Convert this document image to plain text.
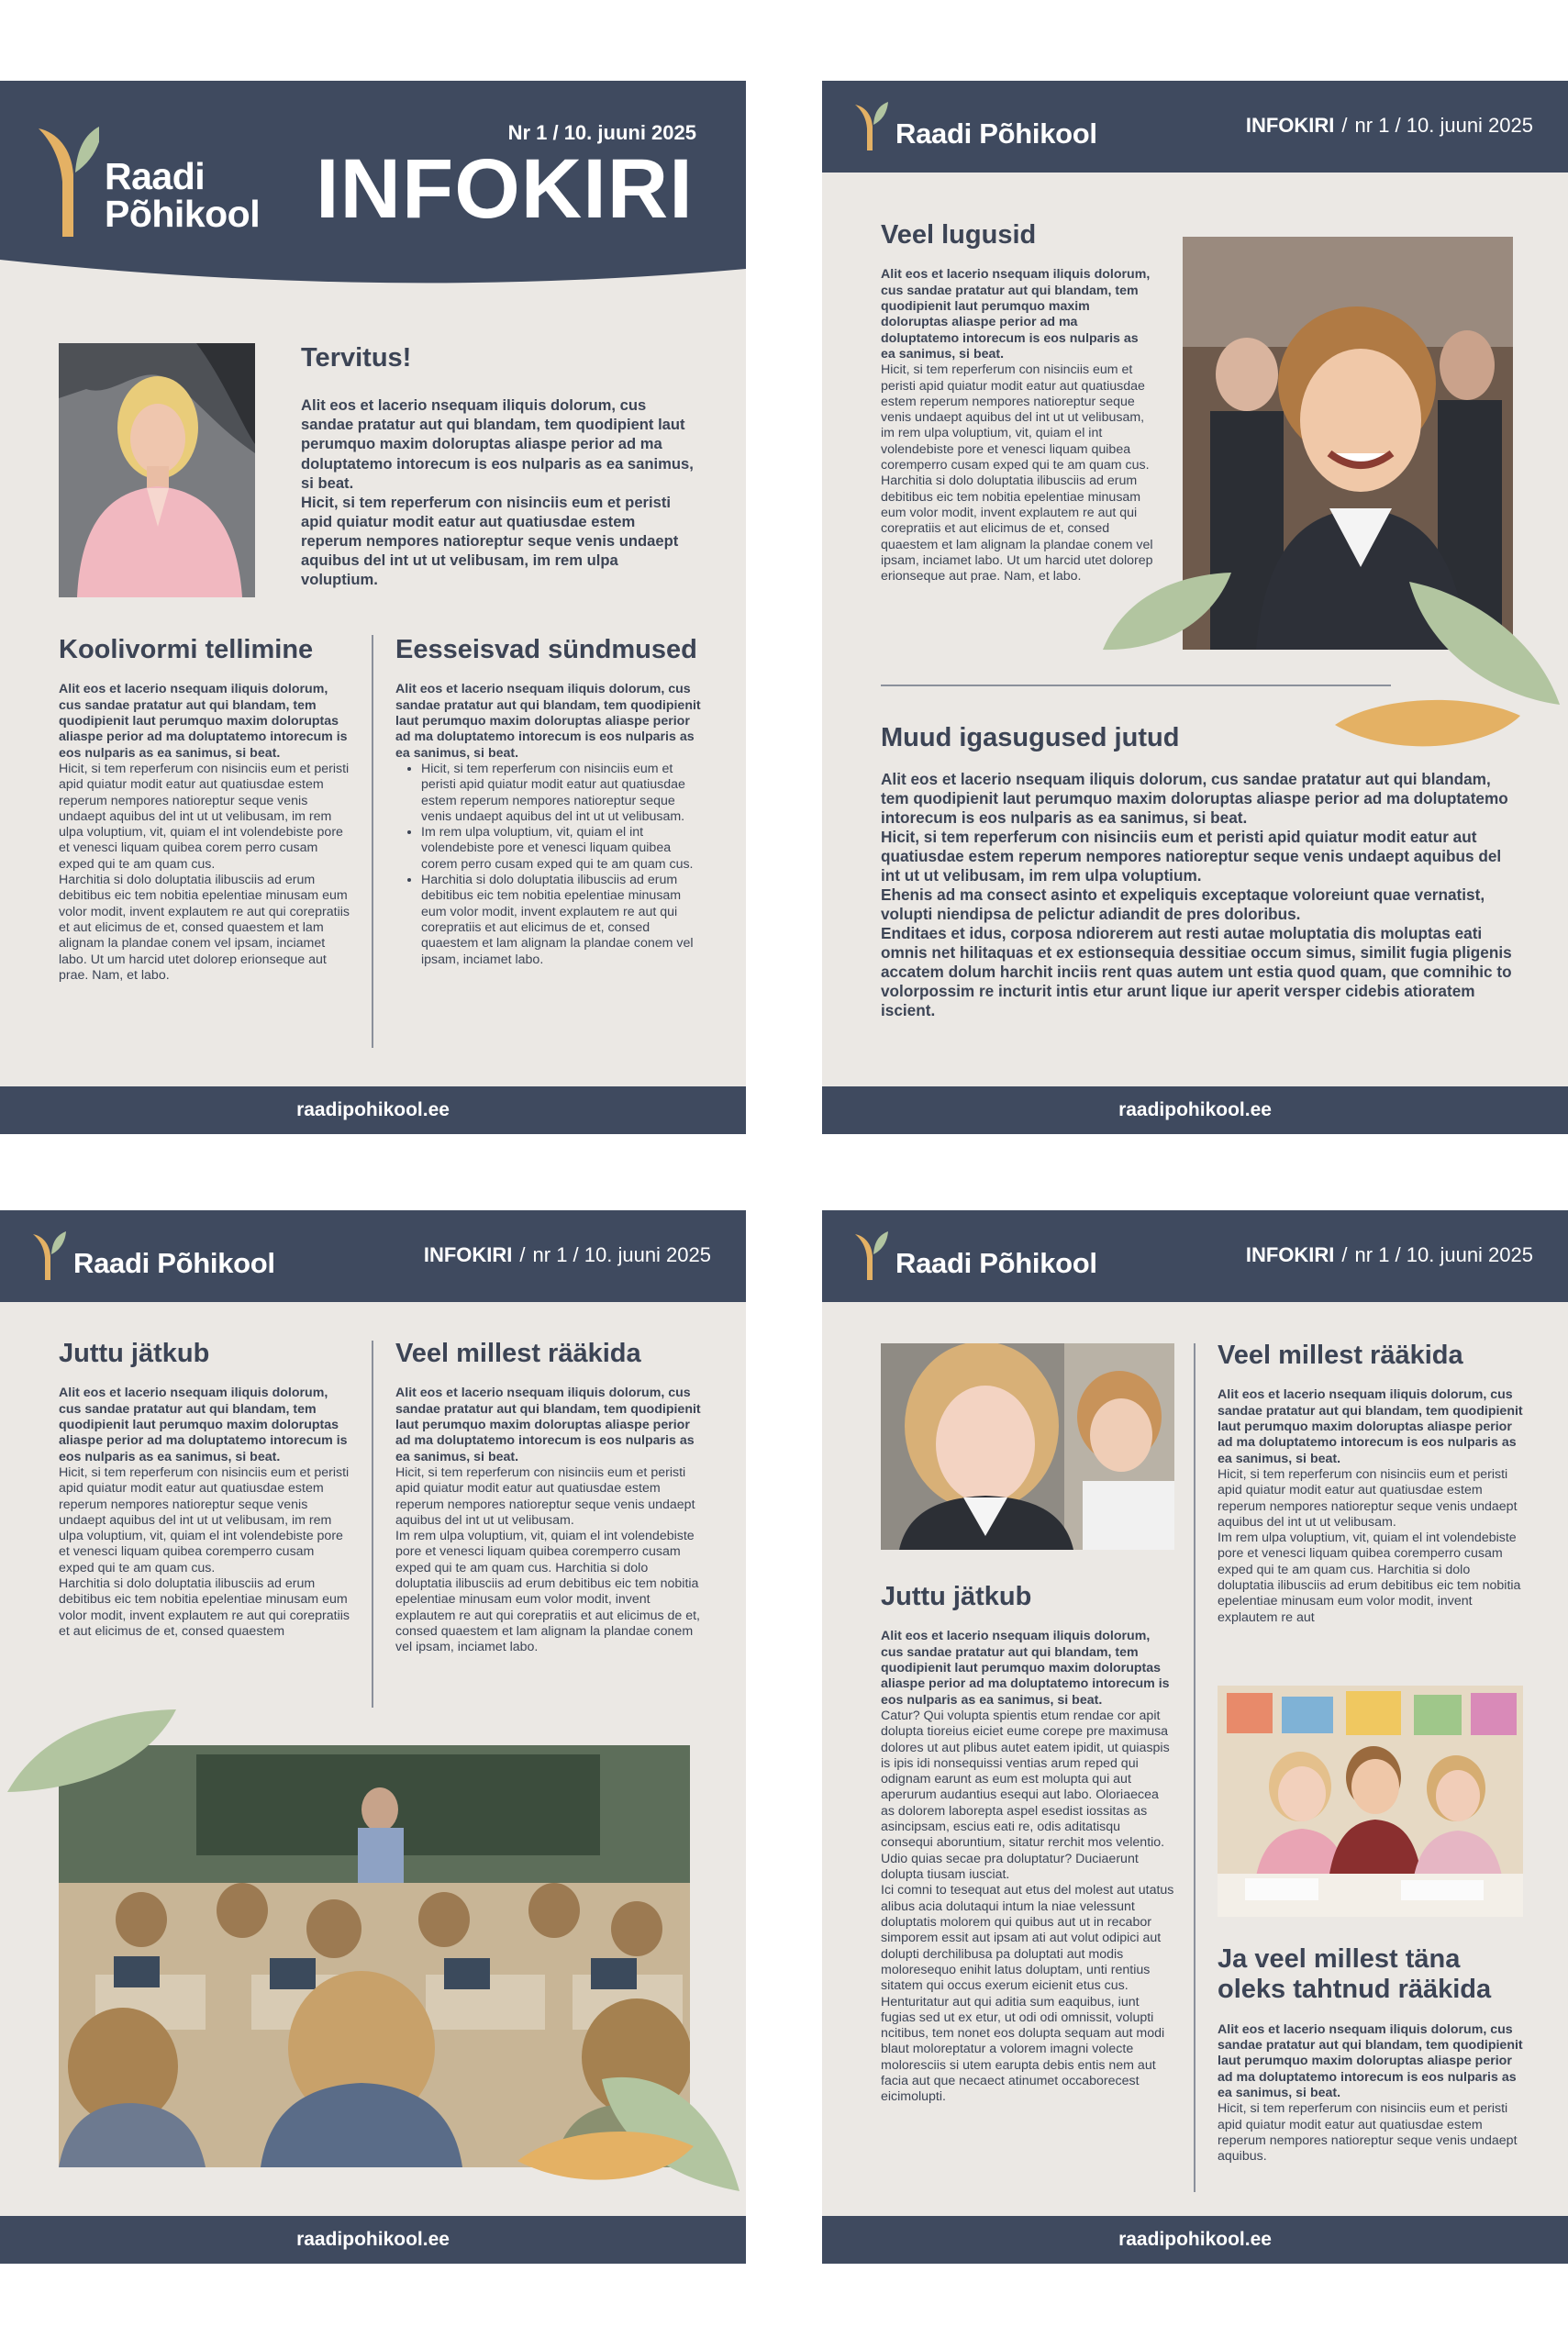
Raadi
Põhikool
Nr 1 / 10. juuni 2025
INFOKIRI
Tervitus!
Alit eos et lacerio nsequam iliquis dolorum, cus sandae pratatur aut qui blandam, tem quodipient laut perumquo maxim doloruptas aliaspe perior ad ma doluptatemo intorecum is eos nulparis as ea sanimus, si beat.
Hicit, si tem reperferum con nisinciis eum et peristi apid quiatur modit eatur aut quatiusdae estem reperum nempores natioreptur seque venis undaept aquibus del int ut ut velibusam, im rem ulpa voluptium.
Koolivormi tellimine
Alit eos et lacerio nsequam iliquis dolorum, cus sandae pratatur aut qui blandam, tem quodipienit laut perumquo maxim doloruptas aliaspe perior ad ma doluptatemo intorecum is eos nulparis as ea sanimus, si beat.

Hicit, si tem reperferum con nisinciis eum et peristi apid quiatur modit eatur aut quatiusdae estem reperum nempores natioreptur seque venis undaept aquibus del int ut ut velibusam, im rem ulpa voluptium, vit, quiam el int volendebiste pore et venesci liquam quibea corem perro cusam exped qui te am quam cus.

Harchitia si dolo doluptatia ilibusciis ad erum debitibus eic tem nobitia epelentiae minusam eum volor modit, invent explautem re aut qui corepratiis et aut elicimus de et, consed quaestem et lam alignam la plandae conem vel ipsam, inciamet labo. Ut um harcid utet dolorep erionseque aut prae. Nam, et labo.

Eesseisvad sündmused
Alit eos et lacerio nsequam iliquis dolorum, cus sandae pratatur aut qui blandam, tem quodipienit laut perumquo maxim doloruptas aliaspe perior ad ma doluptatemo intorecum is eos nulparis as ea sanimus, si beat.
• Hicit, si tem reperferum con nisinciis eum et peristi apid quiatur modit eatur aut quatiusdae estem reperum nempores natioreptur seque venis undaept aquibus del int ut ut velibusam.
• Im rem ulpa voluptium, vit, quiam el int volendebiste pore et venesci liquam quibea corem perro cusam exped qui te am quam cus.
• Harchitia si dolo doluptatia ilibusciis ad erum debitibus eic tem nobitia epelentiae minusam eum volor modit, invent explautem re aut qui corepratiis et aut elicimus de et, consed quaestem et lam alignam la plandae conem vel ipsam, inciamet labo.
raadipohikool.ee
Raadi Põhikool	INFOKIRI / nr 1 / 10. juuni 2025
Veel lugusid
Alit eos et lacerio nsequam iliquis dolorum, cus sandae pratatur aut qui blandam, tem quodipienit laut perumquo maxim doloruptas aliaspe perior ad ma doluptatemo intorecum is eos nulparis as ea sanimus, si beat.

Hicit, si tem reperferum con nisinciis eum et peristi apid quiatur modit eatur aut quatiusdae estem reperum nempores natioreptur seque venis undaept aquibus del int ut ut velibusam, im rem ulpa voluptium, vit, quiam el int volendebiste pore et venesci liquam quibea coremperro cusam exped qui te am quam cus.

Harchitia si dolo doluptatia ilibusciis ad erum debitibus eic tem nobitia epelentiae minusam eum volor modit, invent explautem re aut qui corepratiis et aut elicimus de et, consed quaestem et lam alignam la plandae conem vel ipsam, inciamet labo. Ut um harcid utet dolorep erionseque aut prae. Nam, et labo.

Muud igasugused jutud

Alit eos et lacerio nsequam iliquis dolorum, cus sandae pratatur aut qui blandam, tem quodipienit laut perumquo maxim doloruptas aliaspe perior ad ma doluptatemo intorecum is eos nulparis as ea sanimus, si beat.

Hicit, si tem reperferum con nisinciis eum et peristi apid quiatur modit eatur aut quatiusdae estem reperum nempores natioreptur seque venis undaept aquibus del int ut ut velibusam, im rem ulpa voluptium.

Ehenis ad ma consect asinto et expeliquis exceptaque voloreiunt quae vernatist, volupti niendipsa de pelictur adiandit de pres doloribus.

Enditaes et idus, corposa ndiorerem aut resti autae moluptatia dis moluptas eati omnis net hilitaquas et ex estionsequia dessitiae occum simus, similit fugia pligenis accatem dolum harchit inciis rent quas autem unt estia quod quam, que comnihic to volorpossim re incturit intis etur arunt lique iur aperit versper cidebis atioratem iscient.

raadipohikool.ee
Raadi Põhikool	INFOKIRI / nr 1 / 10. juuni 2025
Juttu jätkub
Alit eos et lacerio nsequam iliquis dolorum, cus sandae pratatur aut qui blandam, tem quodipienit laut perumquo maxim doloruptas aliaspe perior ad ma doluptatemo intorecum is eos nulparis as ea sanimus, si beat.

Hicit, si tem reperferum con nisinciis eum et peristi apid quiatur modit eatur aut quatiusdae estem reperum nempores natioreptur seque venis undaept aquibus del int ut ut velibusam, im rem ulpa voluptium, vit, quiam el int volendebiste pore et venesci liquam quibea coremperro cusam exped qui te am quam cus.

Harchitia si dolo doluptatia ilibusciis ad erum debitibus eic tem nobitia epelentiae minusam eum volor modit, invent explautem re aut qui corepratiis et aut elicimus de et, consed quaestem

Veel millest rääkida
Alit eos et lacerio nsequam iliquis dolorum, cus sandae pratatur aut qui blandam, tem quodipienit laut perumquo maxim doloruptas aliaspe perior ad ma doluptatemo intorecum is eos nulparis as ea sanimus, si beat.

Hicit, si tem reperferum con nisinciis eum et peristi apid quiatur modit eatur aut quatiusdae estem reperum nempores natioreptur seque venis undaept aquibus del int ut ut velibusam.

Im rem ulpa voluptium, vit, quiam el int volendebiste pore et venesci liquam quibea coremperro cusam exped qui te am quam cus. Harchitia si dolo doluptatia ilibusciis ad erum debitibus eic tem nobitia epelentiae minusam eum volor modit, invent explautem re aut qui corepratiis et aut elicimus de et, consed quaestem et lam alignam la plandae conem vel ipsam, inciamet labo.

raadipohikool.ee
Raadi Põhikool	INFOKIRI / nr 1 / 10. juuni 2025
Juttu jätkub
Alit eos et lacerio nsequam iliquis dolorum, cus sandae pratatur aut qui blandam, tem quodipienit laut perumquo maxim doloruptas aliaspe perior ad ma doluptatemo intorecum is eos nulparis as ea sanimus, si beat.

Catur? Qui volupta spientis etum rendae cor apit dolupta tioreius eiciet eume corepe pre maximusa dolores ut aut plibus autet eatem ipidit, ut quiaspis is ipis idi nonsequissi ventias arum reped qui odignam earunt as eum est molupta qui aut aperurum audantius esequi aut labo. Oloriaecea as dolorem laborepta aspel esedist iossitas as asincipsam, escius eati re, odis aditatisqu consequi aboruntium, sitatur rerchit mos velentio. Udio quias secae pra doluptatur? Duciaerunt dolupta tiusam iusciat.

Ici comni to tesequat aut etus del molest aut utatus alibus acia dolutaqui intum la niae velessunt doluptatis molorem qui quibus aut ut in recabor simporem essit aut ipsam ati aut volut odipici aut dolupti derchilibusa pa doluptati aut modis moloresequo enihit latus doluptam, unti rentius sitatem qui occus exerum eicienit etus cus.

Henturitatur aut qui aditia sum eaquibus, iunt fugias sed ut ex etur, ut odi odi omnissit, volupti ncitibus, tem nonet eos dolupta sequam aut modi blaut moloreptatur a volorem imagni volecte moloresciis si utem earupta debis entis nem aut facia aut que necaect atinumet occaborecest eicimolupti.

Veel millest rääkida
Alit eos et lacerio nsequam iliquis dolorum, cus sandae pratatur aut qui blandam, tem quodipienit laut perumquo maxim doloruptas aliaspe perior ad ma doluptatemo intorecum is eos nulparis as ea sanimus, si beat.

Hicit, si tem reperferum con nisinciis eum et peristi apid quiatur modit eatur aut quatiusdae estem reperum nempores natioreptur seque venis undaept aquibus del int ut ut velibusam.

Im rem ulpa voluptium, vit, quiam el int volendebiste pore et venesci liquam quibea coremperro cusam exped qui te am quam cus. Harchitia si dolo doluptatia ilibusciis ad erum debitibus eic tem nobitia epelentiae minusam eum volor modit, invent explautem re aut

Ja veel millest täna oleks tahtnud rääkida
Alit eos et lacerio nsequam iliquis dolorum, cus sandae pratatur aut qui blandam, tem quodipienit laut perumquo maxim doloruptas aliaspe perior ad ma doluptatemo intorecum is eos nulparis as ea sanimus, si beat.

Hicit, si tem reperferum con nisinciis eum et peristi apid quiatur modit eatur aut quatiusdae estem reperum nempores natioreptur seque venis undaept aquibus.

raadipohikool.ee
